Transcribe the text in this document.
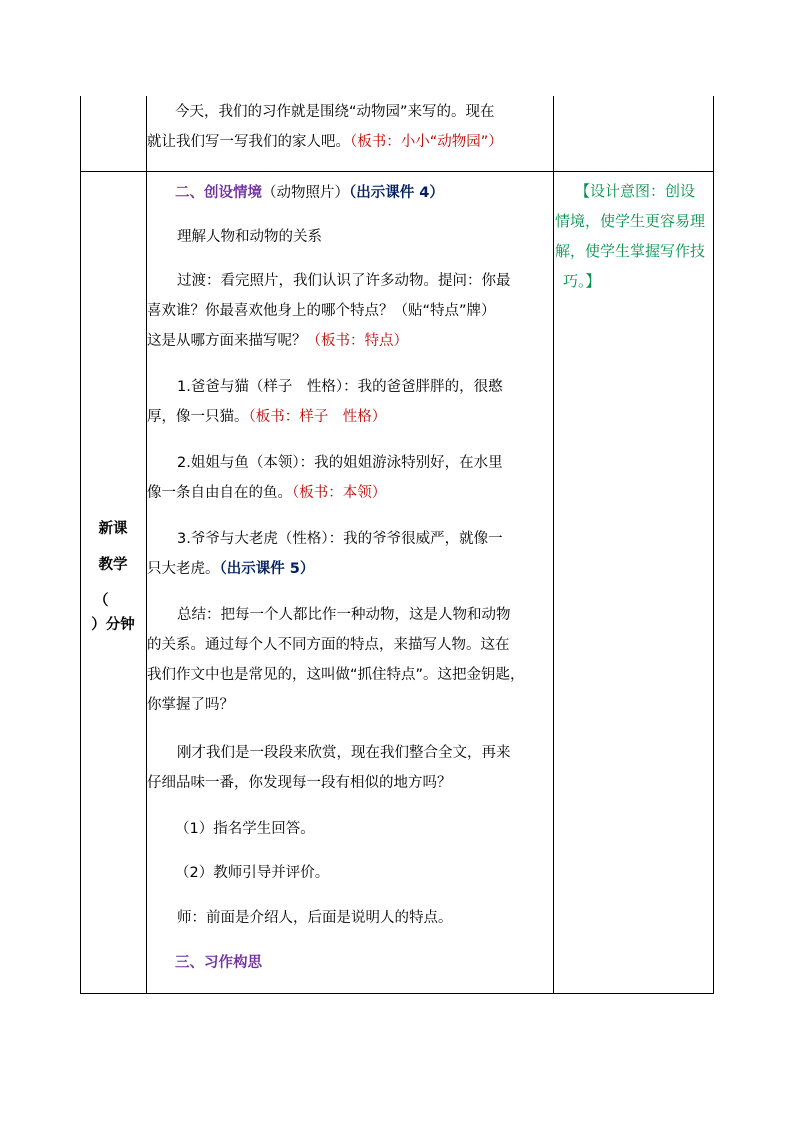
今天，我们的习作就是围绕“动物园”来写的。现在
就让我们写一写我们的家人吧。（板书：小小“动物园”）
新课
教学
（
）分钟
二、创设情境（动物照片）（出示课件 4）
理解人物和动物的关系
过渡：看完照片，我们认识了许多动物。提问：你最
喜欢谁？你最喜欢他身上的哪个特点？（贴“特点”牌）
这是从哪方面来描写呢？（板书：特点）
1.爸爸与猫（样子　性格）：我的爸爸胖胖的，很憨
厚，像一只猫。（板书：样子　性格）
2.姐姐与鱼（本领）：我的姐姐游泳特别好，在水里
像一条自由自在的鱼。（板书：本领）
3.爷爷与大老虎（性格）：我的爷爷很威严，就像一
只大老虎。（出示课件 5）
总结：把每一个人都比作一种动物，这是人物和动物
的关系。通过每个人不同方面的特点，来描写人物。这在
我们作文中也是常见的，这叫做“抓住特点”。这把金钥匙，
你掌握了吗？
刚才我们是一段段来欣赏，现在我们整合全文，再来
仔细品味一番，你发现每一段有相似的地方吗？
（1）指名学生回答。
（2）教师引导并评价。
师：前面是介绍人，后面是说明人的特点。
三、习作构思
【设计意图：创设
情境，使学生更容易理
解，使学生掌握写作技
巧。】
